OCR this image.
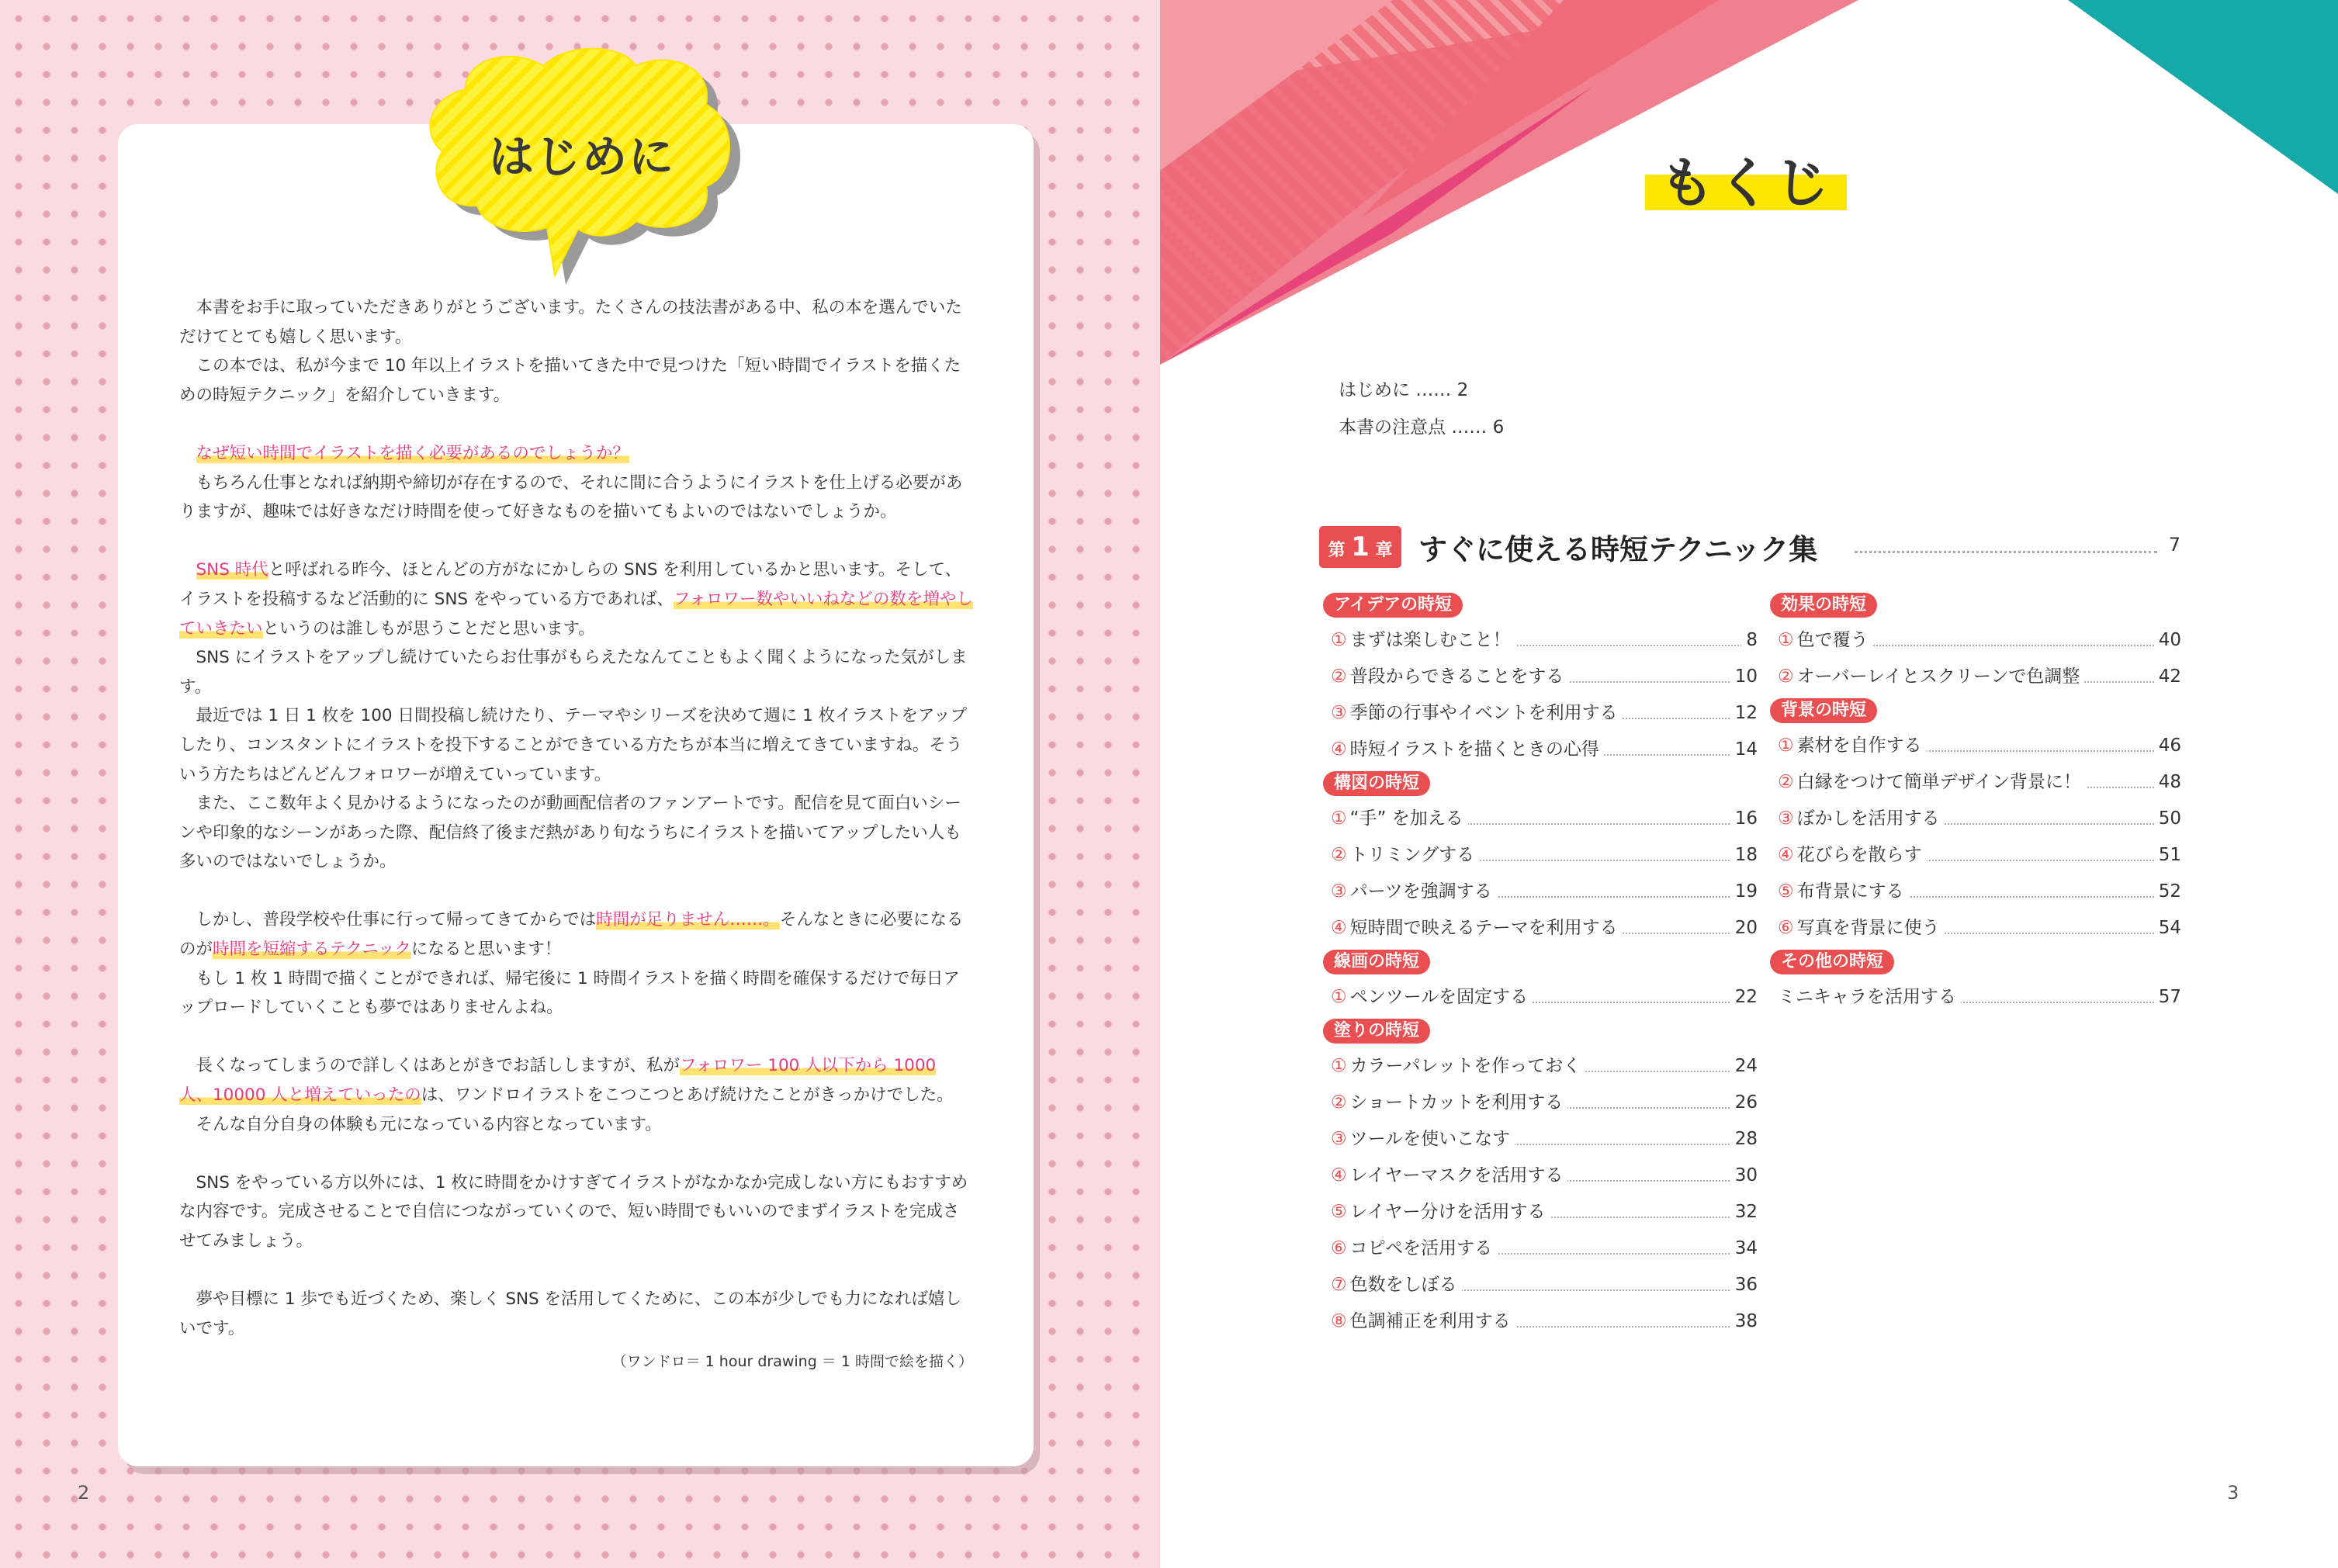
はじめに

本書をお手に取っていただきありがとうございます。たくさんの技法書がある中、私の本を選んでいただけてとても嬉しく思います。

この本では、私が今まで 10 年以上イラストを描いてきた中で見つけた「短い時間でイラストを描くための時短テクニック」を紹介していきます。

なぜ短い時間でイラストを描く必要があるのでしょうか？

もちろん仕事となれば納期や締切が存在するので、それに間に合うようにイラストを仕上げる必要がありますが、趣味では好きなだけ時間を使って好きなものを描いてもよいのではないでしょうか。

SNS 時代と呼ばれる昨今、ほとんどの方がなにかしらの SNS を利用しているかと思います。そして、イラストを投稿するなど活動的に SNS をやっている方であれば、フォロワー数やいいねなどの数を増やしていきたいというのは誰しもが思うことだと思います。

SNS にイラストをアップし続けていたらお仕事がもらえたなんてこともよく聞くようになった気がします。

最近では 1 日 1 枚を 100 日間投稿し続けたり、テーマやシリーズを決めて週に 1 枚イラストをアップしたり、コンスタントにイラストを投下することができている方たちが本当に増えてきていますね。そういう方たちはどんどんフォロワーが増えていっています。

また、ここ数年よく見かけるようになったのが動画配信者のファンアートです。配信を見て面白いシーンや印象的なシーンがあった際、配信終了後まだ熱があり旬なうちにイラストを描いてアップしたい人も多いのではないでしょうか。

しかし、普段学校や仕事に行って帰ってきてからでは時間が足りません……。そんなときに必要になるのが時間を短縮するテクニックになると思います！

もし 1 枚 1 時間で描くことができれば、帰宅後に 1 時間イラストを描く時間を確保するだけで毎日アップロードしていくことも夢ではありませんよね。

長くなってしまうので詳しくはあとがきでお話ししますが、私がフォロワー 100 人以下から 1000 人、10000 人と増えていったのは、ワンドロイラストをこつこつとあげ続けたことがきっかけでした。

そんな自分自身の体験も元になっている内容となっています。

SNS をやっている方以外には、1 枚に時間をかけすぎてイラストがなかなか完成しない方にもおすすめな内容です。完成させることで自信につながっていくので、短い時間でもいいのでまずイラストを完成させてみましょう。

夢や目標に 1 歩でも近づくため、楽しく SNS を活用してくために、この本が少しでも力になれば嬉しいです。

（ワンドロ＝ 1 hour drawing ＝ 1 時間で絵を描く）

2
もくじ
はじめに …… 2
本書の注意点 …… 6
第 1 章 すぐに使える時短テクニック集	7
アイデアの時短
① まずは楽しむこと！	8
② 普段からできることをする	10
③ 季節の行事やイベントを利用する	12
④ 時短イラストを描くときの心得	14
構図の時短
① “手” を加える	16
② トリミングする	18
③ パーツを強調する	19
④ 短時間で映えるテーマを利用する	20
線画の時短
① ペンツールを固定する	22
塗りの時短
① カラーパレットを作っておく	24
② ショートカットを利用する	26
③ ツールを使いこなす	28
④ レイヤーマスクを活用する	30
⑤ レイヤー分けを活用する	32
⑥ コピペを活用する	34
⑦ 色数をしぼる	36
⑧ 色調補正を利用する	38
効果の時短
① 色で覆う	40
② オーバーレイとスクリーンで色調整	42
背景の時短
① 素材を自作する	46
② 白縁をつけて簡単デザイン背景に！	48
③ ぼかしを活用する	50
④ 花びらを散らす	51
⑤ 布背景にする	52
⑥ 写真を背景に使う	54
その他の時短
ミニキャラを活用する	57
3
